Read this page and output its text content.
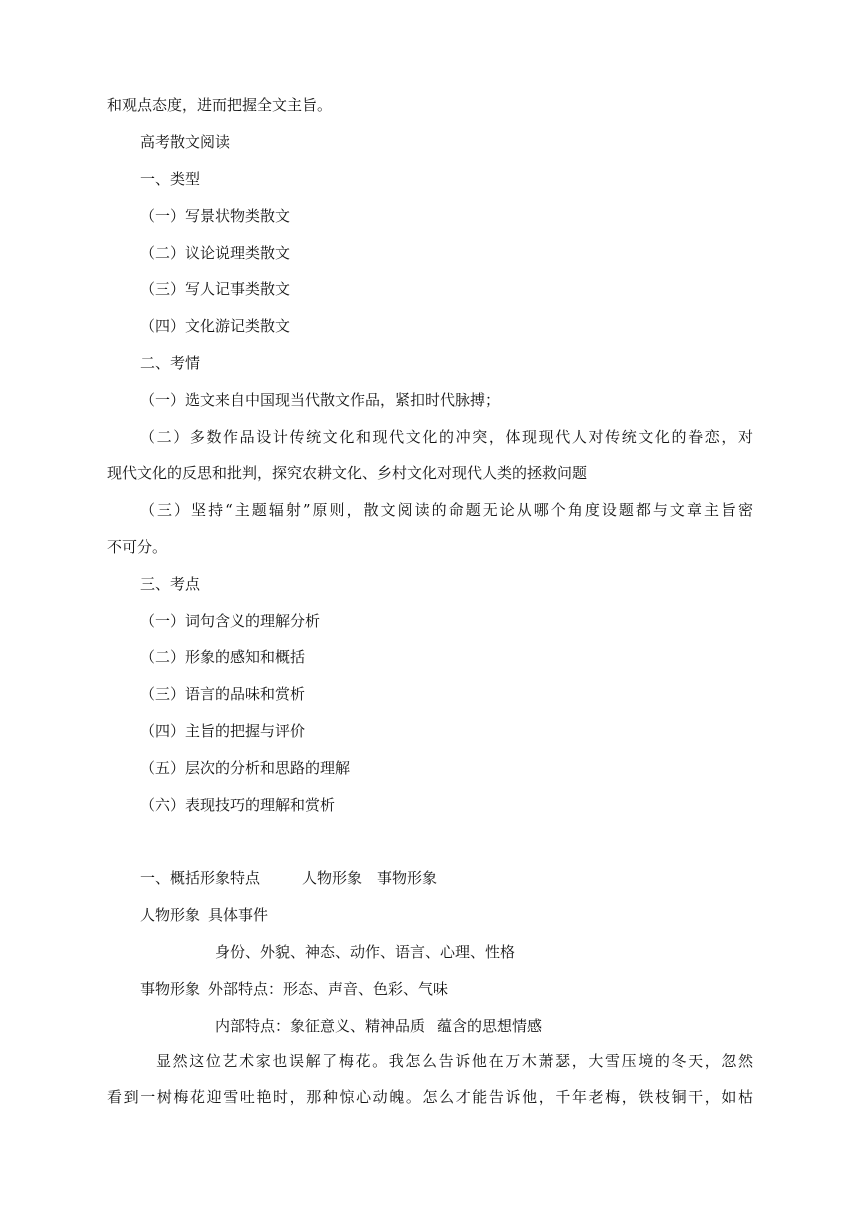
和观点态度，进而把握全文主旨。
高考散文阅读
一、类型
（一）写景状物类散文
（二）议论说理类散文
（三）写人记事类散文
（四）文化游记类散文
二、考情
（一）选文来自中国现当代散文作品，紧扣时代脉搏；
（二）多数作品设计传统文化和现代文化的冲突，体现现代人对传统文化的眷恋，对
现代文化的反思和批判，探究农耕文化、乡村文化对现代人类的拯救问题
（三）坚持“主题辐射”原则，散文阅读的命题无论从哪个角度设题都与文章主旨密
不可分。
三、考点
（一）词句含义的理解分析
（二）形象的感知和概括
（三）语言的品味和赏析
（四）主旨的把握与评价
（五）层次的分析和思路的理解
（六）表现技巧的理解和赏析
一、概括形象特点	人物形象 事物形象
人物形象 具体事件
身份、外貌、神态、动作、语言、心理、性格
事物形象 外部特点：形态、声音、色彩、气味
内部特点：象征意义、精神品质 蕴含的思想情感
显然这位艺术家也误解了梅花。我怎么告诉他在万木萧瑟，大雪压境的冬天，忽然
看到一树梅花迎雪吐艳时，那种惊心动魄。怎么才能告诉他，千年老梅，铁枝铜干，如枯
